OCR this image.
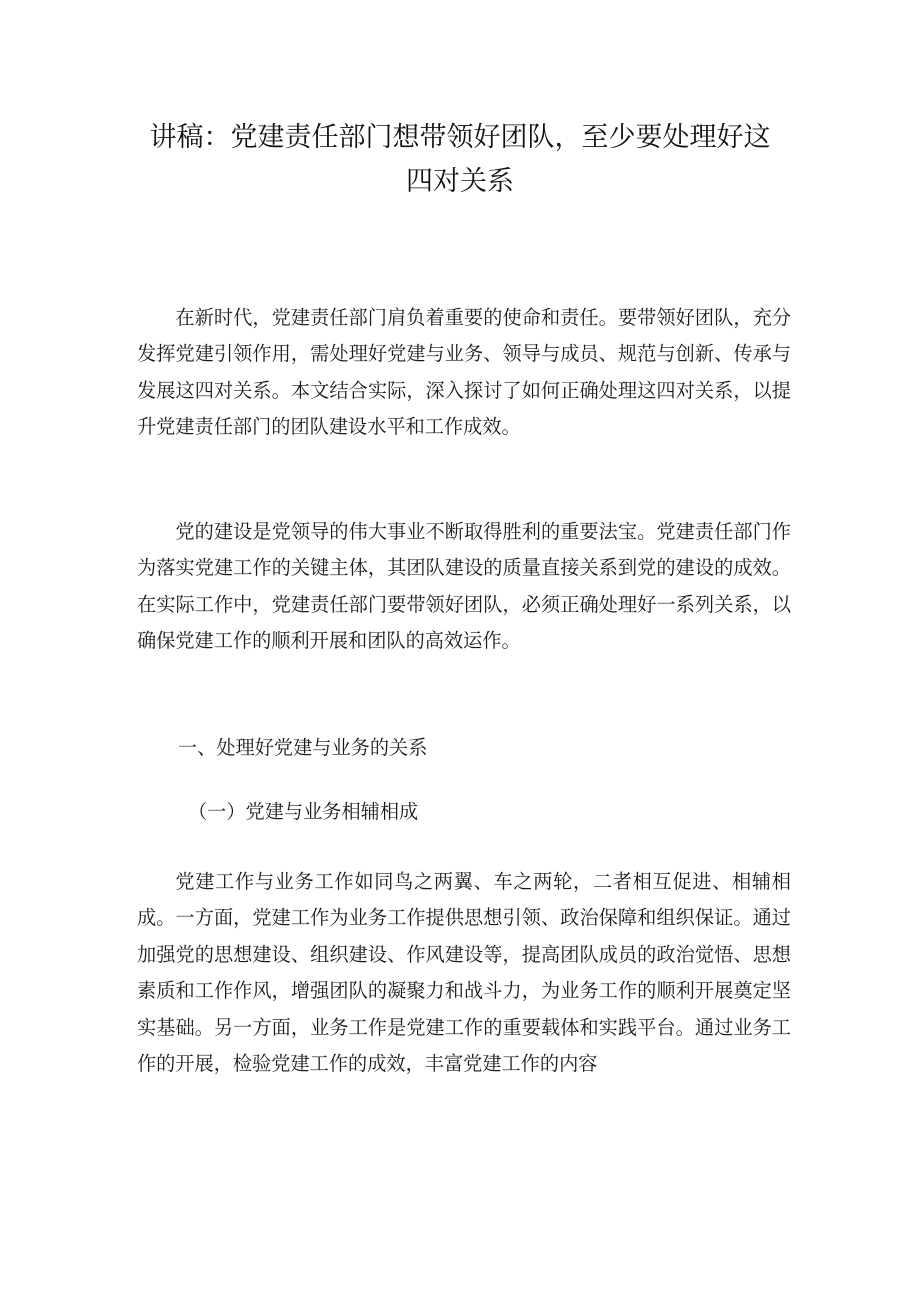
讲稿：党建责任部门想带领好团队，至少要处理好这
四对关系

在新时代，党建责任部门肩负着重要的使命和责任。要带领好团队，充分发挥党建引领作用，需处理好党建与业务、领导与成员、规范与创新、传承与发展这四对关系。本文结合实际，深入探讨了如何正确处理这四对关系，以提升党建责任部门的团队建设水平和工作成效。

党的建设是党领导的伟大事业不断取得胜利的重要法宝。党建责任部门作为落实党建工作的关键主体，其团队建设的质量直接关系到党的建设的成效。在实际工作中，党建责任部门要带领好团队，必须正确处理好一系列关系，以确保党建工作的顺利开展和团队的高效运作。

一、处理好党建与业务的关系
（一）党建与业务相辅相成

党建工作与业务工作如同鸟之两翼、车之两轮，二者相互促进、相辅相成。一方面，党建工作为业务工作提供思想引领、政治保障和组织保证。通过加强党的思想建设、组织建设、作风建设等，提高团队成员的政治觉悟、思想素质和工作作风，增强团队的凝聚力和战斗力，为业务工作的顺利开展奠定坚实基础。另一方面，业务工作是党建工作的重要载体和实践平台。通过业务工作的开展，检验党建工作的成效，丰富党建工作的内容
